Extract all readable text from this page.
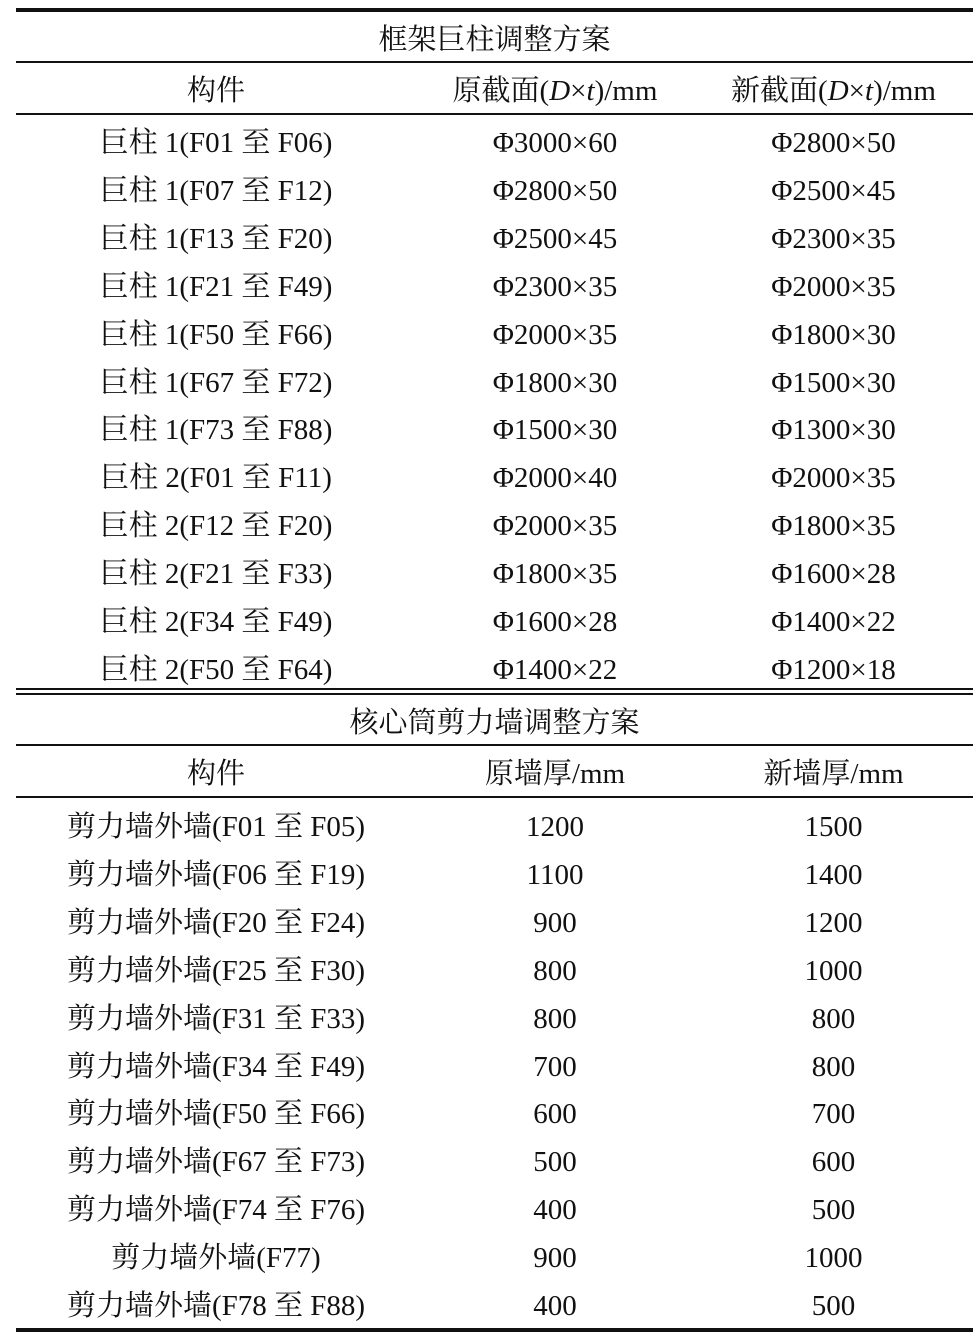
框架巨柱调整方案
构件	原截面(D×t)/mm	新截面(D×t)/mm
巨柱 1(F01 至 F06)	Φ3000×60	Φ2800×50
巨柱 1(F07 至 F12)	Φ2800×50	Φ2500×45
巨柱 1(F13 至 F20)	Φ2500×45	Φ2300×35
巨柱 1(F21 至 F49)	Φ2300×35	Φ2000×35
巨柱 1(F50 至 F66)	Φ2000×35	Φ1800×30
巨柱 1(F67 至 F72)	Φ1800×30	Φ1500×30
巨柱 1(F73 至 F88)	Φ1500×30	Φ1300×30
巨柱 2(F01 至 F11)	Φ2000×40	Φ2000×35
巨柱 2(F12 至 F20)	Φ2000×35	Φ1800×35
巨柱 2(F21 至 F33)	Φ1800×35	Φ1600×28
巨柱 2(F34 至 F49)	Φ1600×28	Φ1400×22
巨柱 2(F50 至 F64)	Φ1400×22	Φ1200×18
核心筒剪力墙调整方案
构件	原墙厚/mm	新墙厚/mm
剪力墙外墙(F01 至 F05)	1200	1500
剪力墙外墙(F06 至 F19)	1100	1400
剪力墙外墙(F20 至 F24)	900	1200
剪力墙外墙(F25 至 F30)	800	1000
剪力墙外墙(F31 至 F33)	800	800
剪力墙外墙(F34 至 F49)	700	800
剪力墙外墙(F50 至 F66)	600	700
剪力墙外墙(F67 至 F73)	500	600
剪力墙外墙(F74 至 F76)	400	500
剪力墙外墙(F77)	900	1000
剪力墙外墙(F78 至 F88)	400	500
